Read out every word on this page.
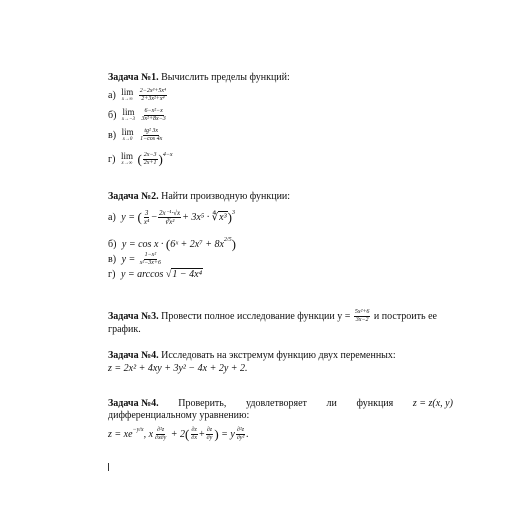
Задача №1. Вычислить пределы функций:
а) lim
x→∞
$\frac{\text{2−2x³+5x⁴}}{\text{2+3x²+x⁴}}$
б) lim
x→−3
$\frac{\text{6−x²−x}}{\text{3x²+8x−3}}$
в) lim
x→0
$\frac{\text{tg² 3x}}{1-\cos 4x}$
г) lim
x→∞ ( $\frac{2x-3}{2x+1} )^{4-x}$
Задача №2. Найти производную функции:
а) y = ( $\frac{3}{\text{x⁴}} - \frac{\text{2x⁻¹·√x}}{\text{∛x²}} + 3x^5$ · ∜x³)$^3$
б) y = cos x · (6ˣ + $2x^7 + 8x^{2/5}$)
в) $y = \frac{\text{1−x²}}{\text{x²−3x+6}}$
г) y = arccos √1 − 4x⁴
Задача №3. Провести полное исследование функции $y = \frac{\text{5x²+6}}{3x-2}$ и построить ее
график.
Задача №4. Исследовать на экстремум функцию двух переменных:
z = 2x² + 4xy + 3y² − 4x + 2y + 2.
Задача №4. Проверить, удовлетворяет ли функция z = z(x, y)
дифференциальному уравнению:
$z = xe^{-y/x}$, x $\frac{\text{∂²z}}{\partial x\partial y} + 2( \frac{\partial z}{\partial x} + \frac{\partial z}{\partial y}$ ) = y $\frac{\text{∂²z}}{\text{∂y²}}$ .
